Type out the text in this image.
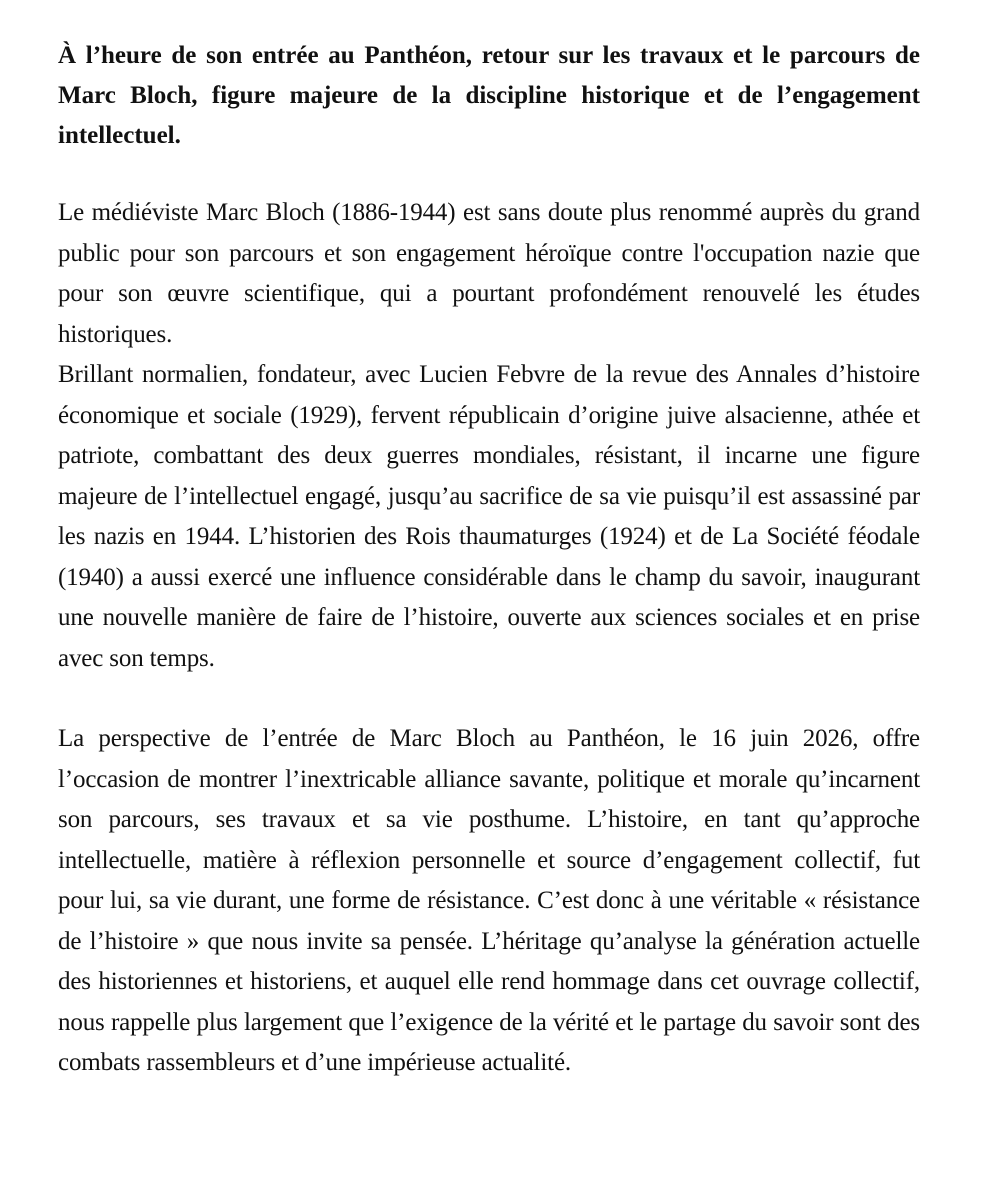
À l’heure de son entrée au Panthéon, retour sur les travaux et le parcours de Marc Bloch, figure majeure de la discipline historique et de l’engagement intellectuel.

Le médiéviste Marc Bloch (1886-1944) est sans doute plus renommé auprès du grand public pour son parcours et son engagement héroïque contre l'occupation nazie que pour son œuvre scientifique, qui a pourtant profondément renouvelé les études historiques.

Brillant normalien, fondateur, avec Lucien Febvre de la revue des Annales d’histoire économique et sociale (1929), fervent républicain d’origine juive alsacienne, athée et patriote, combattant des deux guerres mondiales, résistant, il incarne une figure majeure de l’intellectuel engagé, jusqu’au sacrifice de sa vie puisqu’il est assassiné par les nazis en 1944. L’historien des Rois thaumaturges (1924) et de La Société féodale (1940) a aussi exercé une influence considérable dans le champ du savoir, inaugurant une nouvelle manière de faire de l’histoire, ouverte aux sciences sociales et en prise avec son temps.

La perspective de l’entrée de Marc Bloch au Panthéon, le 16 juin 2026, offre l’occasion de montrer l’inextricable alliance savante, politique et morale qu’incarnent son parcours, ses travaux et sa vie posthume. L’histoire, en tant qu’approche intellectuelle, matière à réflexion personnelle et source d’engagement collectif, fut pour lui, sa vie durant, une forme de résistance. C’est donc à une véritable « résistance de l’histoire » que nous invite sa pensée. L’héritage qu’analyse la génération actuelle des historiennes et historiens, et auquel elle rend hommage dans cet ouvrage collectif, nous rappelle plus largement que l’exigence de la vérité et le partage du savoir sont des combats rassembleurs et d’une impérieuse actualité.
